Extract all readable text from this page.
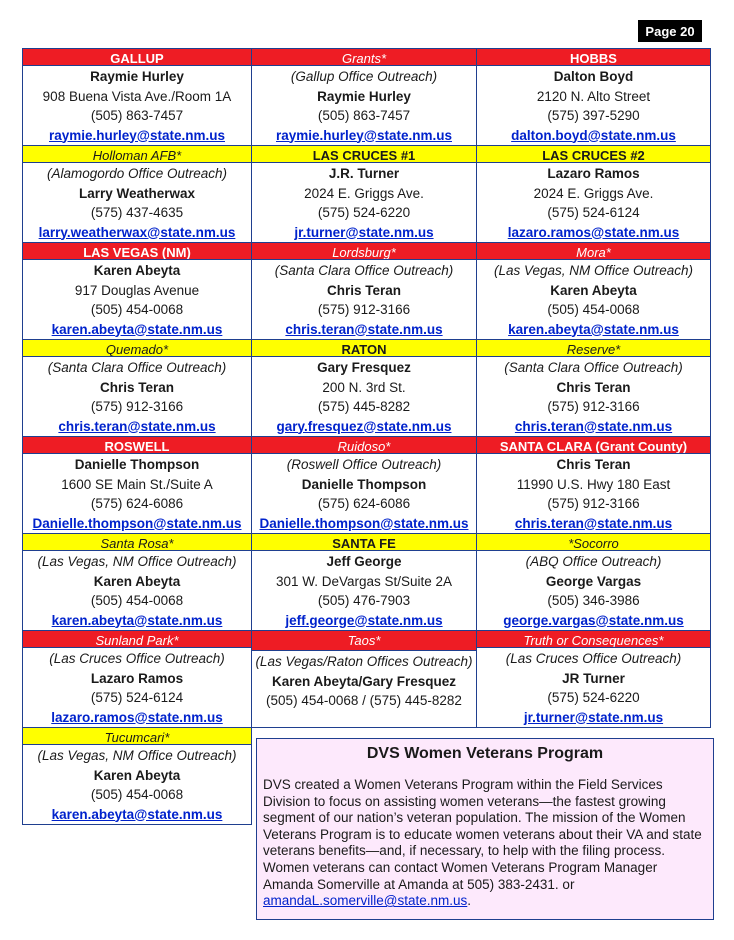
Page 20
GALLUP
Raymie Hurley
908 Buena Vista Ave./Room 1A
(505) 863-7457
raymie.hurley@state.nm.us
Grants*
(Gallup Office Outreach)
Raymie Hurley
(505) 863-7457
raymie.hurley@state.nm.us
HOBBS
Dalton Boyd
2120 N. Alto Street
(575) 397-5290
dalton.boyd@state.nm.us
Holloman AFB*
(Alamogordo Office Outreach)
Larry Weatherwax
(575) 437-4635
larry.weatherwax@state.nm.us
LAS CRUCES #1
J.R. Turner
2024 E. Griggs Ave.
(575) 524-6220
jr.turner@state.nm.us
LAS CRUCES #2
Lazaro Ramos
2024 E. Griggs Ave.
(575) 524-6124
lazaro.ramos@state.nm.us
LAS VEGAS (NM)
Karen Abeyta
917 Douglas Avenue
(505) 454-0068
karen.abeyta@state.nm.us
Lordsburg*
(Santa Clara Office Outreach)
Chris Teran
(575) 912-3166
chris.teran@state.nm.us
Mora*
(Las Vegas, NM Office Outreach)
Karen Abeyta
(505) 454-0068
karen.abeyta@state.nm.us
Quemado*
(Santa Clara Office Outreach)
Chris Teran
(575) 912-3166
chris.teran@state.nm.us
RATON
Gary Fresquez
200 N. 3rd St.
(575) 445-8282
gary.fresquez@state.nm.us
Reserve*
(Santa Clara Office Outreach)
Chris Teran
(575) 912-3166
chris.teran@state.nm.us
ROSWELL
Danielle Thompson
1600 SE Main St./Suite A
(575) 624-6086
Danielle.thompson@state.nm.us
Ruidoso*
(Roswell Office Outreach)
Danielle Thompson
(575) 624-6086
Danielle.thompson@state.nm.us
SANTA CLARA (Grant County)
Chris Teran
11990 U.S. Hwy 180 East
(575) 912-3166
chris.teran@state.nm.us
Santa Rosa*
(Las Vegas, NM Office Outreach)
Karen Abeyta
(505) 454-0068
karen.abeyta@state.nm.us
SANTA FE
Jeff George
301 W. DeVargas St/Suite 2A
(505) 476-7903
jeff.george@state.nm.us
*Socorro
(ABQ Office Outreach)
George Vargas
(505) 346-3986
george.vargas@state.nm.us
Sunland Park*
(Las Cruces Office Outreach)
Lazaro Ramos
(575) 524-6124
lazaro.ramos@state.nm.us
Taos*
(Las Vegas/Raton Offices Outreach)
Karen Abeyta/Gary Fresquez
(505) 454-0068 / (575) 445-8282
Truth or Consequences*
(Las Cruces Office Outreach)
JR Turner
(575) 524-6220
jr.turner@state.nm.us
Tucumcari*
(Las Vegas, NM Office Outreach)
Karen Abeyta
(505) 454-0068
karen.abeyta@state.nm.us
DVS Women Veterans Program

DVS created a Women Veterans Program within the Field Services Division to focus on assisting women veterans—the fastest growing segment of our nation’s veteran population. The mission of the Women Veterans Program is to educate women veterans about their VA and state veterans benefits—and, if necessary, to help with the filing process. Women veterans can contact Women Veterans Program Manager Amanda Somerville at Amanda at 505) 383-2431. or amandaL.somerville@state.nm.us.
